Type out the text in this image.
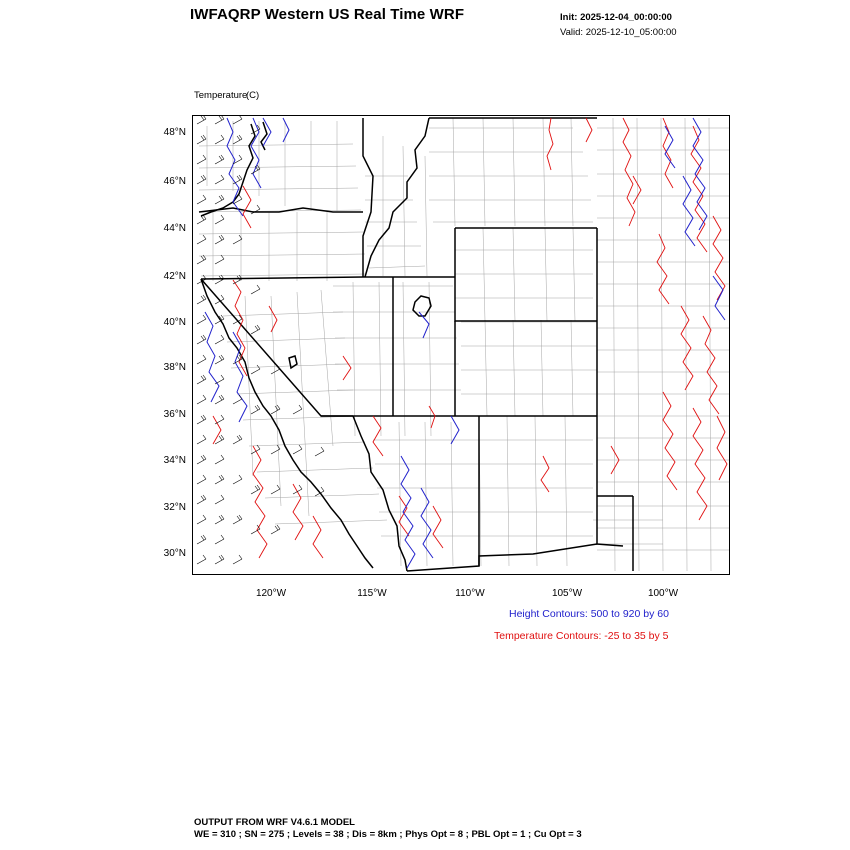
IWFAQRP Western US Real Time WRF	Init: 2025-12-04_00:00:00
Valid: 2025-12-10_05:00:00

Temperature(C)

48°N
46°N
44°N
42°N
40°N
38°N
36°N
34°N
32°N
30°N
120°W	115°W	110°W	105°W	100°W
Height Contours: 500 to 920 by 60
Temperature Contours: -25 to 35 by 5
OUTPUT FROM WRF V4.6.1 MODEL
WE = 310 ; SN = 275 ; Levels = 38 ; Dis = 8km ; Phys Opt = 8 ; PBL Opt = 1 ; Cu Opt = 3
